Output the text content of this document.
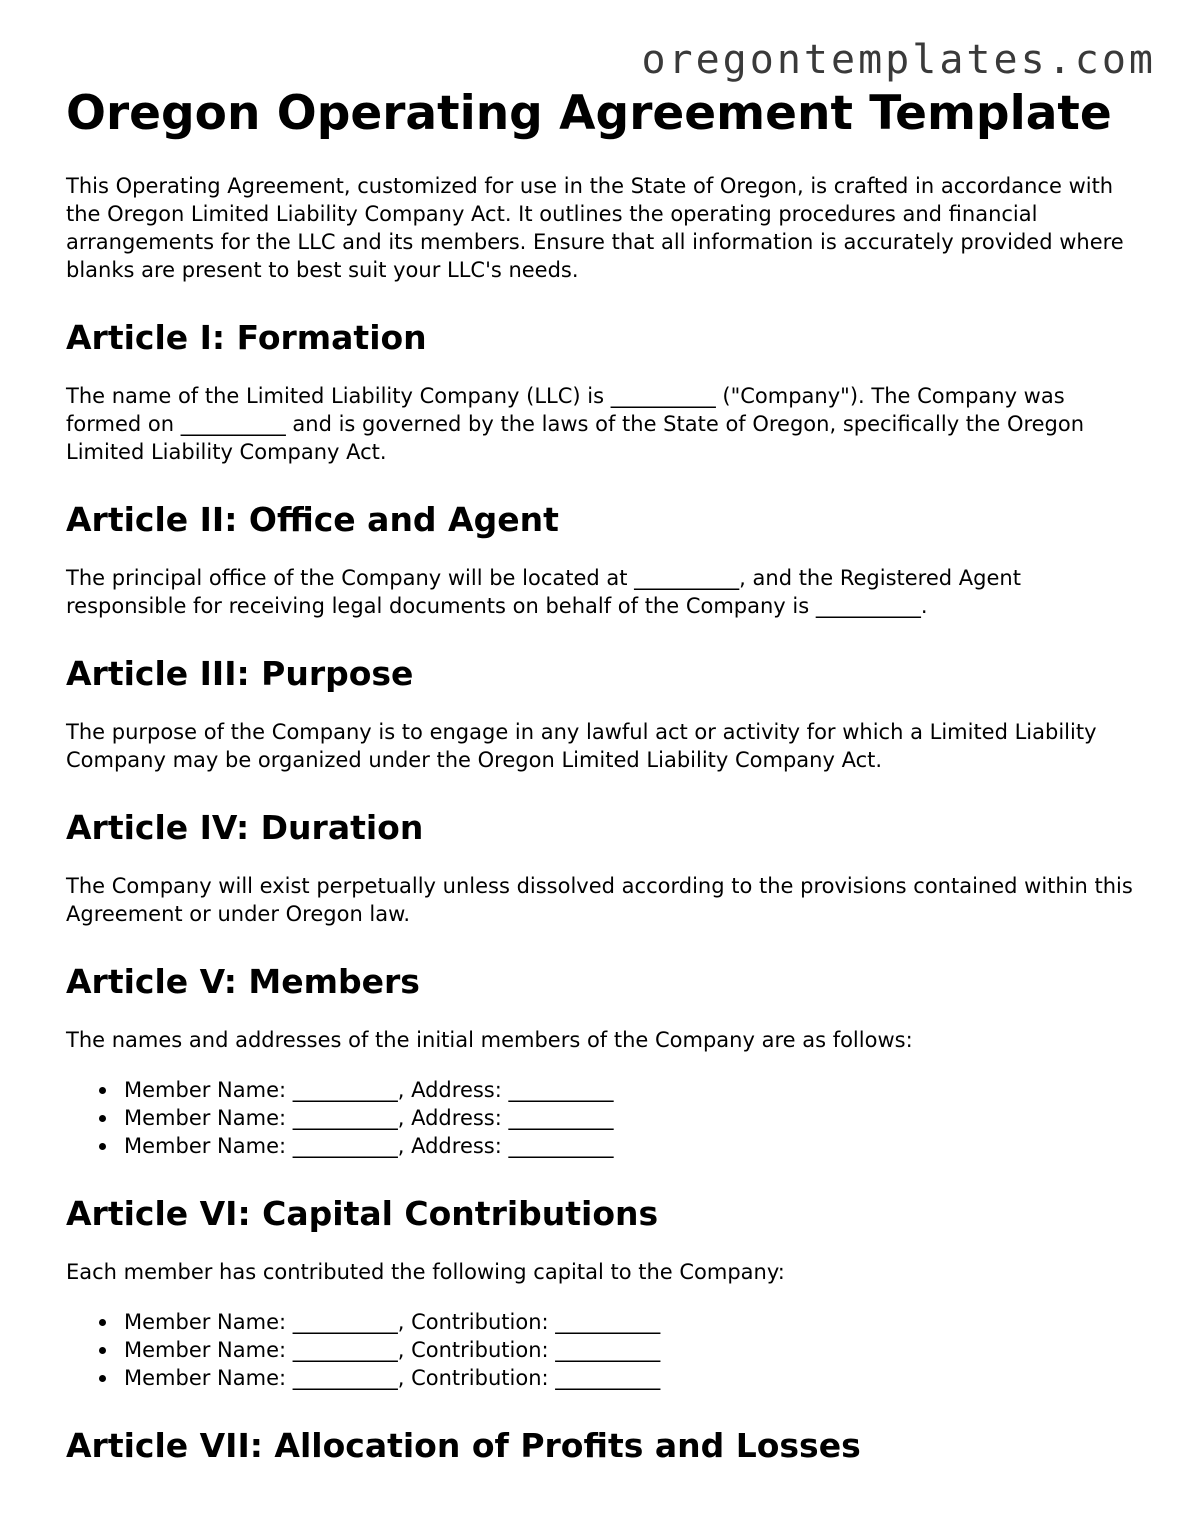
oregontemplates.com
Oregon Operating Agreement Template

This Operating Agreement, customized for use in the State of Oregon, is crafted in accordance with the Oregon Limited Liability Company Act. It outlines the operating procedures and financial arrangements for the LLC and its members. Ensure that all information is accurately provided where blanks are present to best suit your LLC's needs.

Article I: Formation

The name of the Limited Liability Company (LLC) is __________ ("Company"). The Company was formed on __________ and is governed by the laws of the State of Oregon, specifically the Oregon Limited Liability Company Act.

Article II: Office and Agent

The principal office of the Company will be located at __________, and the Registered Agent responsible for receiving legal documents on behalf of the Company is __________.

Article III: Purpose

The purpose of the Company is to engage in any lawful act or activity for which a Limited Liability Company may be organized under the Oregon Limited Liability Company Act.

Article IV: Duration

The Company will exist perpetually unless dissolved according to the provisions contained within this Agreement or under Oregon law.

Article V: Members

The names and addresses of the initial members of the Company are as follows:

Member Name: __________, Address: __________
Member Name: __________, Address: __________
Member Name: __________, Address: __________
Article VI: Capital Contributions

Each member has contributed the following capital to the Company:

Member Name: __________, Contribution: __________
Member Name: __________, Contribution: __________
Member Name: __________, Contribution: __________
Article VII: Allocation of Profits and Losses
